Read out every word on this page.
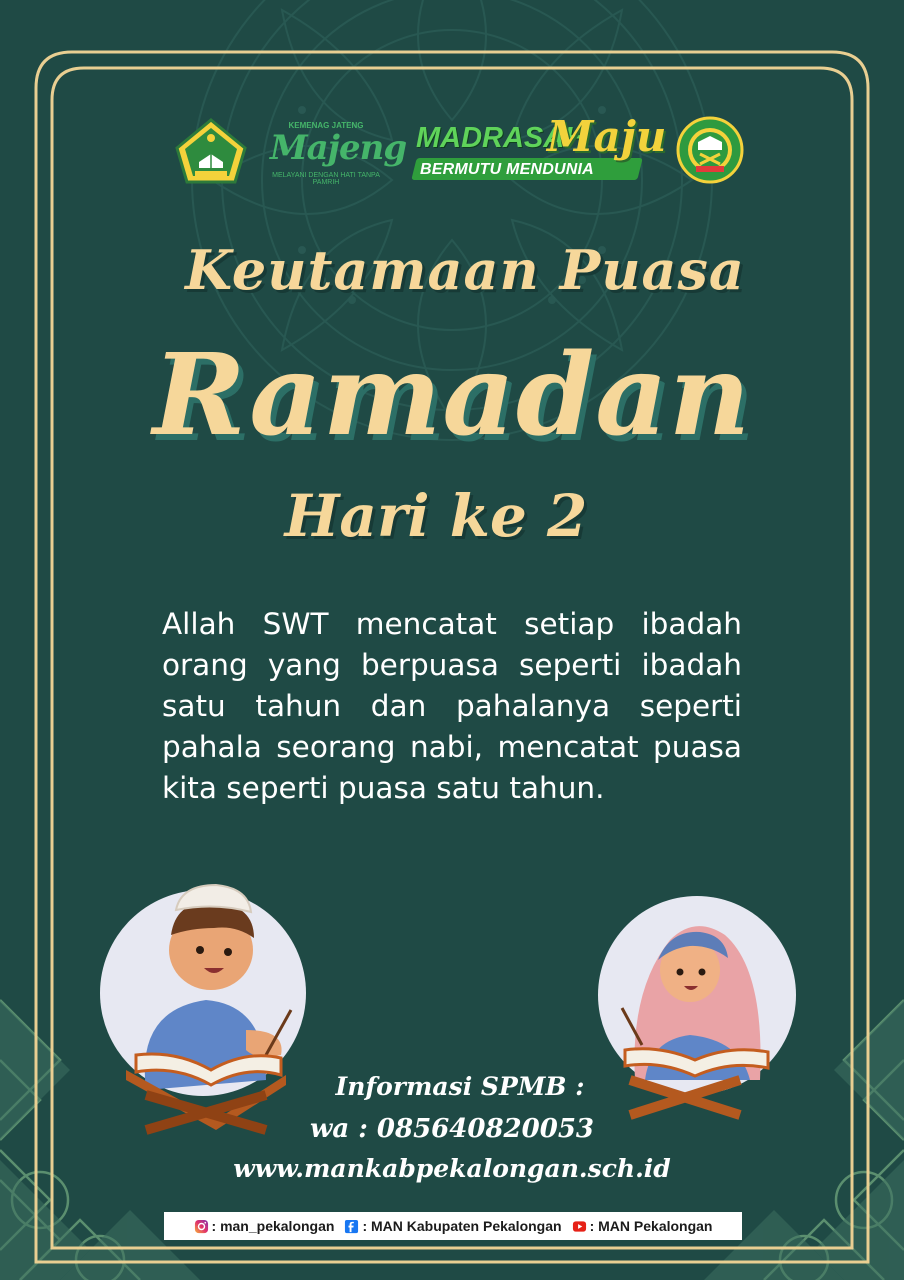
KEMENAG JATENG
Majeng
MELAYANI DENGAN HATI TANPA PAMRIH
MADRASAH
Maju
BERMUTU MENDUNIA
Keutamaan Puasa
Ramadan
Hari ke 2
Allah SWT mencatat setiap ibadah orang yang berpuasa seperti ibadah satu tahun dan pahalanya seperti pahala seorang nabi, mencatat puasa kita seperti puasa satu tahun.
Informasi SPMB :
wa : 085640820053
www.mankabpekalongan.sch.id
: man_pekalongan : MAN Kabupaten Pekalongan : MAN Pekalongan
